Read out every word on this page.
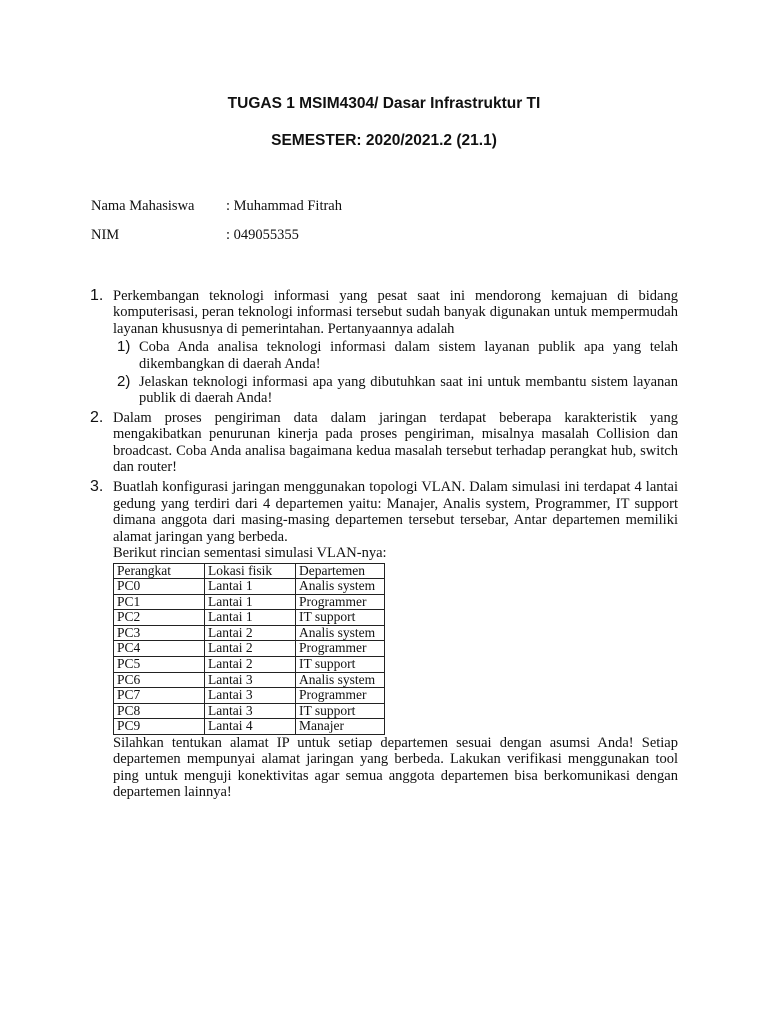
TUGAS 1 MSIM4304/ Dasar Infrastruktur TI
SEMESTER: 2020/2021.2 (21.1)
Nama Mahasiswa : Muhammad Fitrah
NIM	: 049055355
1. Perkembangan teknologi informasi yang pesat saat ini mendorong kemajuan di bidang komputerisasi, peran teknologi informasi tersebut sudah banyak digunakan untuk mempermudah layanan khususnya di pemerintahan. Pertanyaannya adalah
1) Coba Anda analisa teknologi informasi dalam sistem layanan publik apa yang telah dikembangkan di daerah Anda!
2) Jelaskan teknologi informasi apa yang dibutuhkan saat ini untuk membantu sistem layanan publik di daerah Anda!
2. Dalam proses pengiriman data dalam jaringan terdapat beberapa karakteristik yang mengakibatkan penurunan kinerja pada proses pengiriman, misalnya masalah Collision dan broadcast. Coba Anda analisa bagaimana kedua masalah tersebut terhadap perangkat hub, switch dan router!
3. Buatlah konfigurasi jaringan menggunakan topologi VLAN. Dalam simulasi ini terdapat 4 lantai gedung yang terdiri dari 4 departemen yaitu: Manajer, Analis system, Programmer, IT support dimana anggota dari masing-masing departemen tersebut tersebar, Antar departemen memiliki alamat jaringan yang berbeda.
Berikut rincian sementasi simulasi VLAN-nya:
Perangkat	Lokasi fisik	Departemen
PC0	Lantai 1	Analis system
PC1	Lantai 1	Programmer
PC2	Lantai 1	IT support
PC3	Lantai 2	Analis system
PC4	Lantai 2	Programmer
PC5	Lantai 2	IT support
PC6	Lantai 3	Analis system
PC7	Lantai 3	Programmer
PC8	Lantai 3	IT support
PC9	Lantai 4	Manajer
Silahkan tentukan alamat IP untuk setiap departemen sesuai dengan asumsi Anda! Setiap departemen mempunyai alamat jaringan yang berbeda. Lakukan verifikasi menggunakan tool ping untuk menguji konektivitas agar semua anggota departemen bisa berkomunikasi dengan departemen lainnya!
